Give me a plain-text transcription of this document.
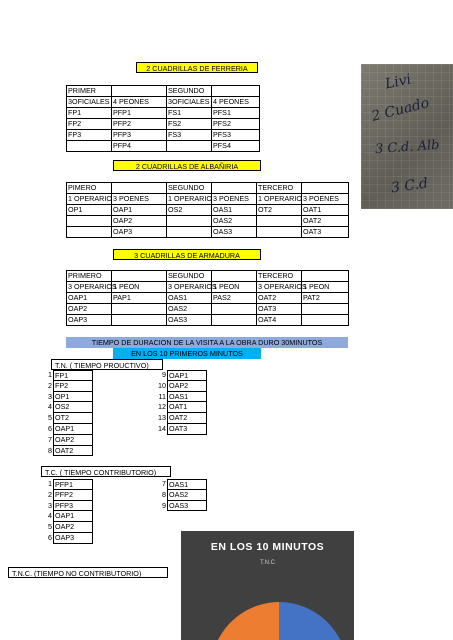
2 CUADRILLAS DE FERRERIA
PRIMER		SEGUNDO	
3OFICIALES	4 PEONES	3OFICIALES	4 PEONES
FP1	PFP1	FS1	PFS1
FP2	PFP2	FS2	PFS2
FP3	PFP3	FS3	PFS3
	PFP4		PFS4
2 CUADRILLAS DE ALBAÑIRIA
PIMERO		SEGUNDO		TERCERO	
1 OPERARIO	3 POENES	1 OPERARIO	3 POENES	1 OPERARIO	3 POENES
OP1	OAP1	OS2	OAS1	OT2	OAT1
	OAP2		OAS2		OAT2
	OAP3		OAS3		OAT3
3 CUADRILLAS DE ARMADURA
PRIMERO		SEGUNDO		TERCERO	
3 OPERARIOS	1 PEON	3 OPERARIOS	1 PEON	3 OPERARIOS	1 PEON
OAP1	PAP1	OAS1	PAS2	OAT2	PAT2
OAP2		OAS2		OAT3	
OAP3		OAS3		OAT4	
TIEMPO DE DURACION DE LA VISITA A LA OBRA DURO 30MINUTOS
EN LOS 10 PRIMEROS MINUTOS
T.N. ( TIEMPO PROUCTIVO)
1 FP1
2 FP2
3 OP1
4 OS2
5 OT2
6 OAP1
7 OAP2
8 OAT2
9 OAP1
10 OAP2
11 OAS1
12 OAT1
13 OAT2
14 OAT3
T.C. ( TIEMPO CONTRIBUTORIO)
1 PFP1
2 PFP2
3 PFP3
4 OAP1
5 OAP2
6 OAP3
7 OAS1
8 OAS2
9 OAS3
T.N.C. (TIEMPO NO CONTRIBUTORIO)
Livi
2 Cuado
3 C.d. Alb
3 C.d
EN LOS 10 MINUTOS
T.N.C
